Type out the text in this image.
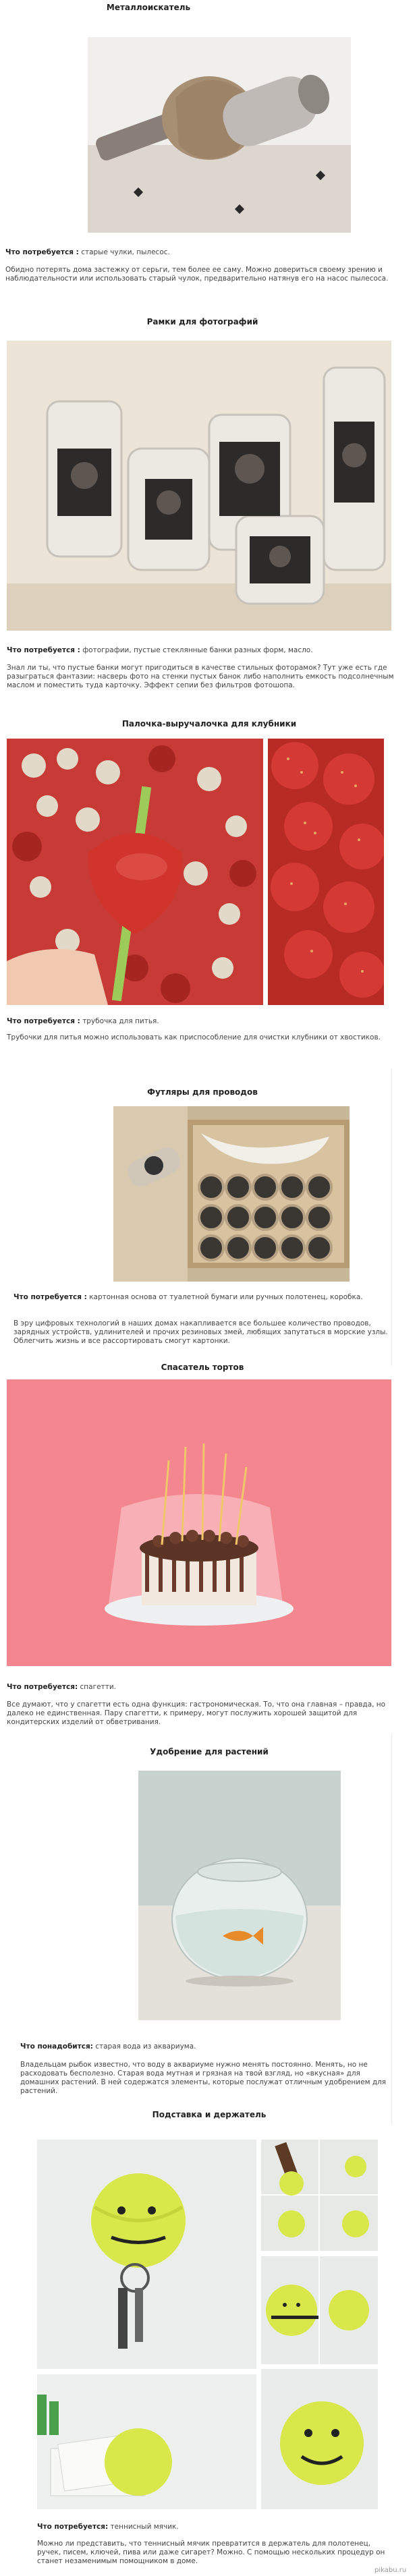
Металлоискатель
Что потребуется : старые чулки, пылесос.
Обидно потерять дома застежку от серьги, тем более ее саму. Можно довериться своему зрению и наблюдательности или использовать старый чулок, предварительно натянув его на насос пылесоса.
Рамки для фотографий
Что потребуется : фотографии, пустые стеклянные банки разных форм, масло.
Знал ли ты, что пустые банки могут пригодиться в качестве стильных фоторамок? Тут уже есть где разыграться фантазии: насверь фото на стенки пустых банок либо наполнить емкость подсолнечным маслом и поместить туда карточку. Эффект сепии без фильтров фотошопа.
Палочка-выручалочка для клубники
Что потребуется : трубочка для питья.
Трубочки для питья можно использовать как приспособление для очистки клубники от хвостиков.
Футляры для проводов
Что потребуется : картонная основа от туалетной бумаги или ручных полотенец, коробка.
В эру цифровых технологий в наших домах накапливается все большее количество проводов, зарядных устройств, удлинителей и прочих резиновых змей, любящих запутаться в морские узлы. Облегчить жизнь и все рассортировать смогут картонки.
Спасатель тортов
Что потребуется: спагетти.
Все думают, что у спагетти есть одна функция: гастрономическая. То, что она главная – правда, но далеко не единственная. Пару спагетти, к примеру, могут послужить хорошей защитой для кондитерских изделий от обветривания.
Удобрение для растений
Что понадобится: старая вода из аквариума.
Владельцам рыбок известно, что воду в аквариуме нужно менять постоянно. Менять, но не расходовать бесполезно. Старая вода мутная и грязная на твой взгляд, но «вкусная» для домашних растений. В ней содержатся элементы, которые послужат отличным удобрением для растений.
Подставка и держатель
Что потребуется: теннисный мячик.
Можно ли представить, что теннисный мячик превратится в держатель для полотенец, ручек, писем, ключей, пива или даже сигарет? Можно. С помощью нескольких процедур он станет незаменимым помощником в доме.
pikabu.ru
